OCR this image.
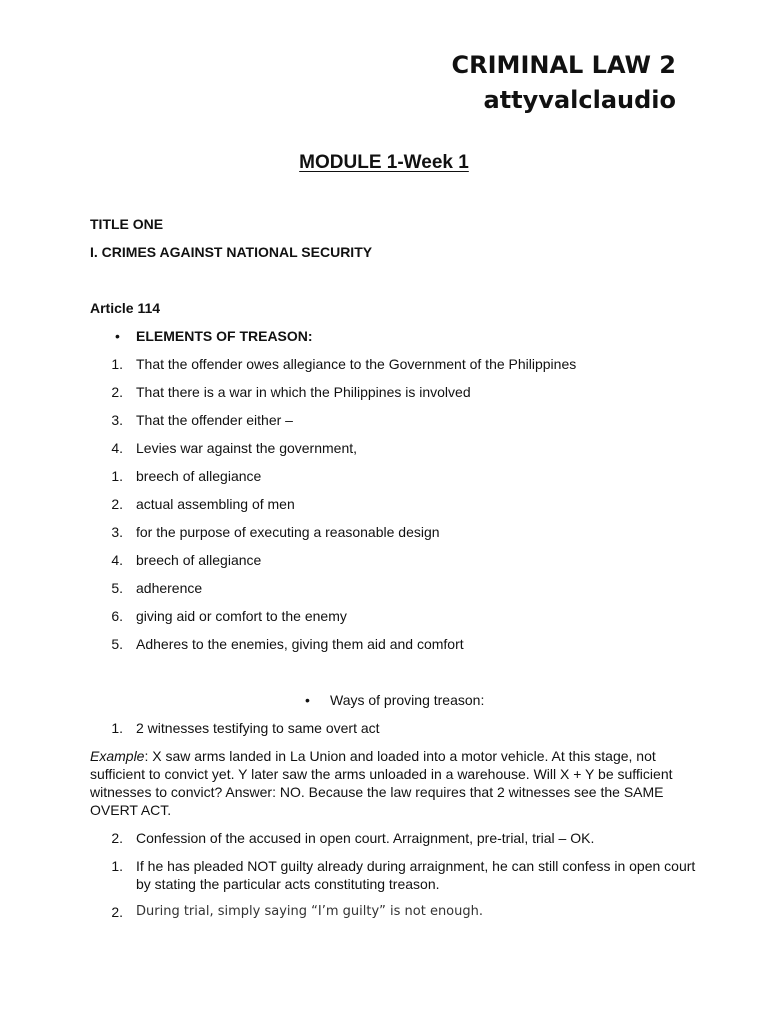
CRIMINAL LAW 2
attyvalclaudio
MODULE 1-Week 1
TITLE ONE
I. CRIMES AGAINST NATIONAL SECURITY
Article 114
• ELEMENTS OF TREASON:
1. That the offender owes allegiance to the Government of the Philippines
2. That there is a war in which the Philippines is involved
3. That the offender either –
4. Levies war against the government,
1. breech of allegiance
2. actual assembling of men
3. for the purpose of executing a reasonable design
4. breech of allegiance
5. adherence
6. giving aid or comfort to the enemy
5. Adheres to the enemies, giving them aid and comfort
• Ways of proving treason:
1. 2 witnesses testifying to same overt act
Example: X saw arms landed in La Union and loaded into a motor vehicle. At this stage, not sufficient to convict yet. Y later saw the arms unloaded in a warehouse. Will X + Y be sufficient witnesses to convict? Answer: NO. Because the law requires that 2 witnesses see the SAME OVERT ACT.
2. Confession of the accused in open court. Arraignment, pre-trial, trial – OK.
1. If he has pleaded NOT guilty already during arraignment, he can still confess in open court by stating the particular acts constituting treason.
2. During trial, simply saying “I’m guilty” is not enough.
